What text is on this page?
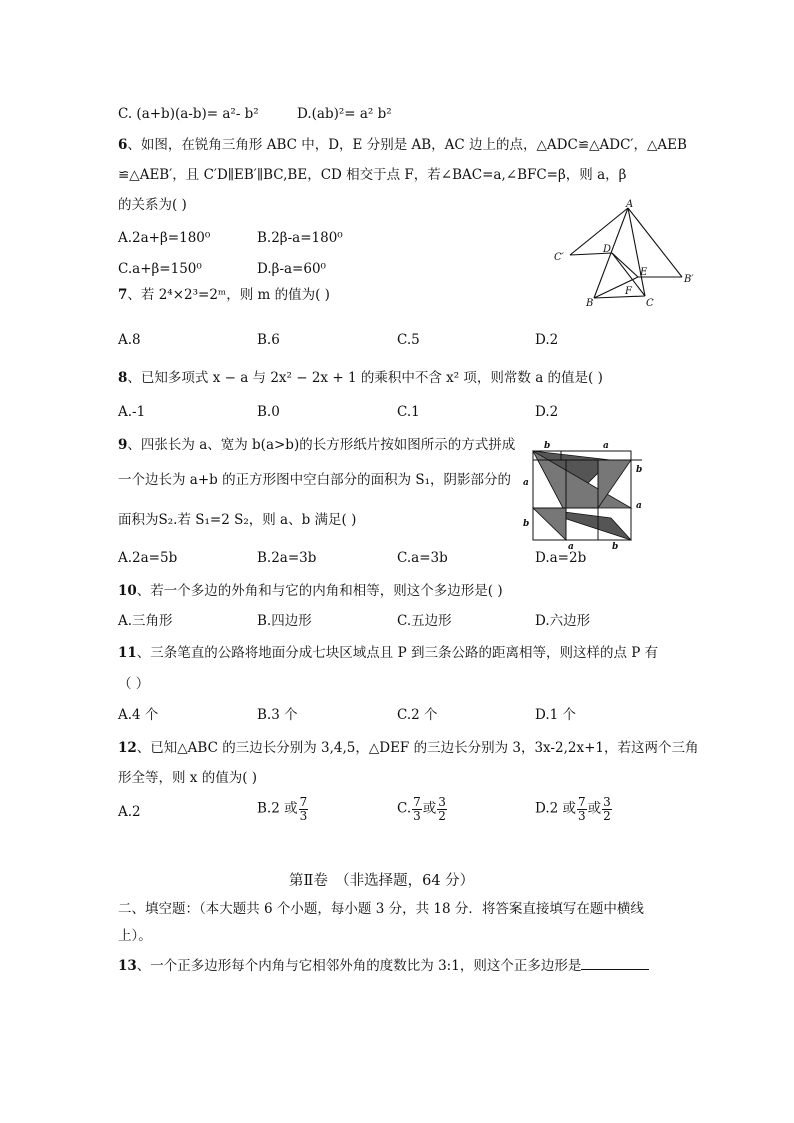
C. (a+b)(a-b)= a²- b²	D.(ab)²= a² b²
6、如图，在锐角三角形 ABC 中，D，E 分别是 AB，AC 边上的点，△ADC≌△ADC′，△AEB
≌△AEB′，且 C′D∥EB′∥BC,BE，CD 相交于点 F，若∠BAC=a,∠BFC=β，则 a，β
的关系为( )
A.2a+β=180⁰	B.2β-a=180⁰
C.a+β=150⁰	D.β-a=60⁰
A
B	C
D
E
F
C′
B′
7、若 2⁴×2³=2ᵐ，则 m 的值为( )
A.8	B.6	C.5	D.2
8、已知多项式 x − a 与 2x² − 2x + 1 的乘积中不含 x² 项，则常数 a 的值是( )
A.-1	B.0	C.1	D.2
9、四张长为 a、宽为 b(a>b)的长方形纸片按如图所示的方式拼成
一个边长为 a+b 的正方形图中空白部分的面积为 S₁，阴影部分的
面积为S₂.若 S₁=2 S₂，则 a、b 满足( )
A.2a=5b	B.2a=3b	C.a=3b	D.a=2b
b	a
b
a
a
b
a	b
10、若一个多边的外角和与它的内角和相等，则这个多边形是( )
A.三角形	B.四边形	C.五边形	D.六边形
11、三条笔直的公路将地面分成七块区域点且 P 到三条公路的距离相等，则这样的点 P 有
（ ）
A.4 个	B.3 个	C.2 个	D.1 个
12、已知△ABC 的三边长分别为 3,4,5，△DEF 的三边长分别为 3，3x-2,2x+1，若这两个三角
形全等，则 x 的值为( )
A.2	B.2 或 $\frac{7}{3}$	C. $\frac{7}{3}$ 或 $\frac{3}{2}$	D.2 或 $\frac{7}{3}$ 或 $\frac{3}{2}$
第Ⅱ卷　（非选择题，64 分）
二、填空题：（本大题共 6 个小题，每小题 3 分，共 18 分．将答案直接填写在题中横线
上）。
13、一个正多边形每个内角与它相邻外角的度数比为 3:1，则这个正多边形是
